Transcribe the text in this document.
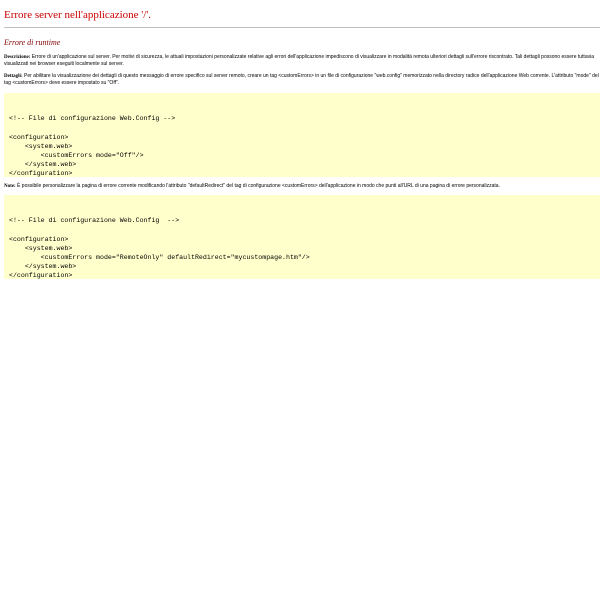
Errore server nell'applicazione '/'.
Errore di runtime

Descrizione: Errore di un'applicazione sul server. Per motivi di sicurezza, le attuali impostazioni personalizzate relative agli errori dell'applicazione impediscono di visualizzare in modalità remota ulteriori dettagli sull'errore riscontrato. Tali dettagli possono essere tuttavia visualizzati nei browser eseguiti localmente sul server.

Dettagli: Per abilitare la visualizzazione dei dettagli di questo messaggio di errore specifico sul server remoto, creare un tag <customErrors> in un file di configurazione "web.config" memorizzato nella directory radice dell'applicazione Web corrente. L'attributo "mode" del tag <customErrors> deve essere impostato su "Off".

<!-- File di configurazione Web.Config -->

<configuration>
<system.web>
<customErrors mode="Off"/>
</system.web>
</configuration>

Note: È possibile personalizzare la pagina di errore corrente modificando l'attributo "defaultRedirect" del tag di configurazione <customErrors> dell'applicazione in modo che punti all'URL di una pagina di errore personalizzata.

<!-- File di configurazione Web.Config  -->

<configuration>
<system.web>
<customErrors mode="RemoteOnly" defaultRedirect="mycustompage.htm"/>
</system.web>
</configuration>
